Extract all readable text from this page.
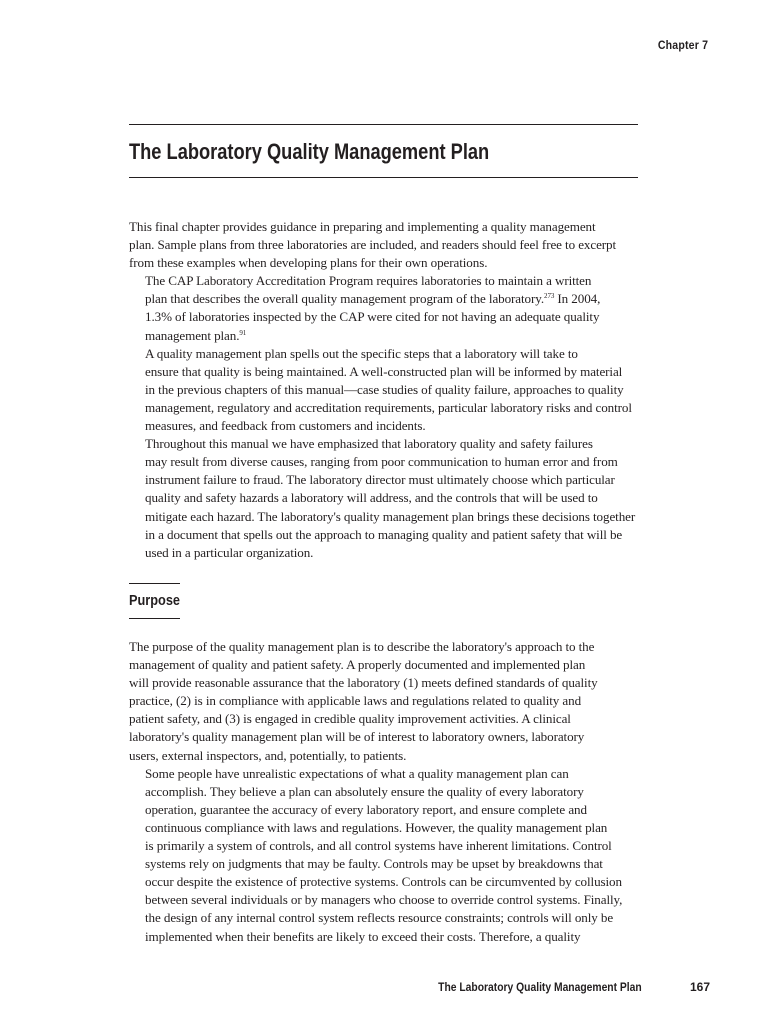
Chapter 7
The Laboratory Quality Management Plan

This final chapter provides guidance in preparing and implementing a quality management
plan. Sample plans from three laboratories are included, and readers should feel free to excerpt
from these examples when developing plans for their own operations.

The CAP Laboratory Accreditation Program requires laboratories to maintain a written
plan that describes the overall quality management program of the laboratory.$^{273}$ In 2004,
1.3% of laboratories inspected by the CAP were cited for not having an adequate quality
management plan.$^{91}$

A quality management plan spells out the specific steps that a laboratory will take to
ensure that quality is being maintained. A well-constructed plan will be informed by material
in the previous chapters of this manual—case studies of quality failure, approaches to quality
management, regulatory and accreditation requirements, particular laboratory risks and control
measures, and feedback from customers and incidents.

Throughout this manual we have emphasized that laboratory quality and safety failures
may result from diverse causes, ranging from poor communication to human error and from
instrument failure to fraud. The laboratory director must ultimately choose which particular
quality and safety hazards a laboratory will address, and the controls that will be used to
mitigate each hazard. The laboratory's quality management plan brings these decisions together
in a document that spells out the approach to managing quality and patient safety that will be
used in a particular organization.

Purpose

The purpose of the quality management plan is to describe the laboratory's approach to the
management of quality and patient safety. A properly documented and implemented plan
will provide reasonable assurance that the laboratory (1) meets defined standards of quality
practice, (2) is in compliance with applicable laws and regulations related to quality and
patient safety, and (3) is engaged in credible quality improvement activities. A clinical
laboratory's quality management plan will be of interest to laboratory owners, laboratory
users, external inspectors, and, potentially, to patients.

Some people have unrealistic expectations of what a quality management plan can
accomplish. They believe a plan can absolutely ensure the quality of every laboratory
operation, guarantee the accuracy of every laboratory report, and ensure complete and
continuous compliance with laws and regulations. However, the quality management plan
is primarily a system of controls, and all control systems have inherent limitations. Control
systems rely on judgments that may be faulty. Controls may be upset by breakdowns that
occur despite the existence of protective systems. Controls can be circumvented by collusion
between several individuals or by managers who choose to override control systems. Finally,
the design of any internal control system reflects resource constraints; controls will only be
implemented when their benefits are likely to exceed their costs. Therefore, a quality

The Laboratory Quality Management Plan	167
